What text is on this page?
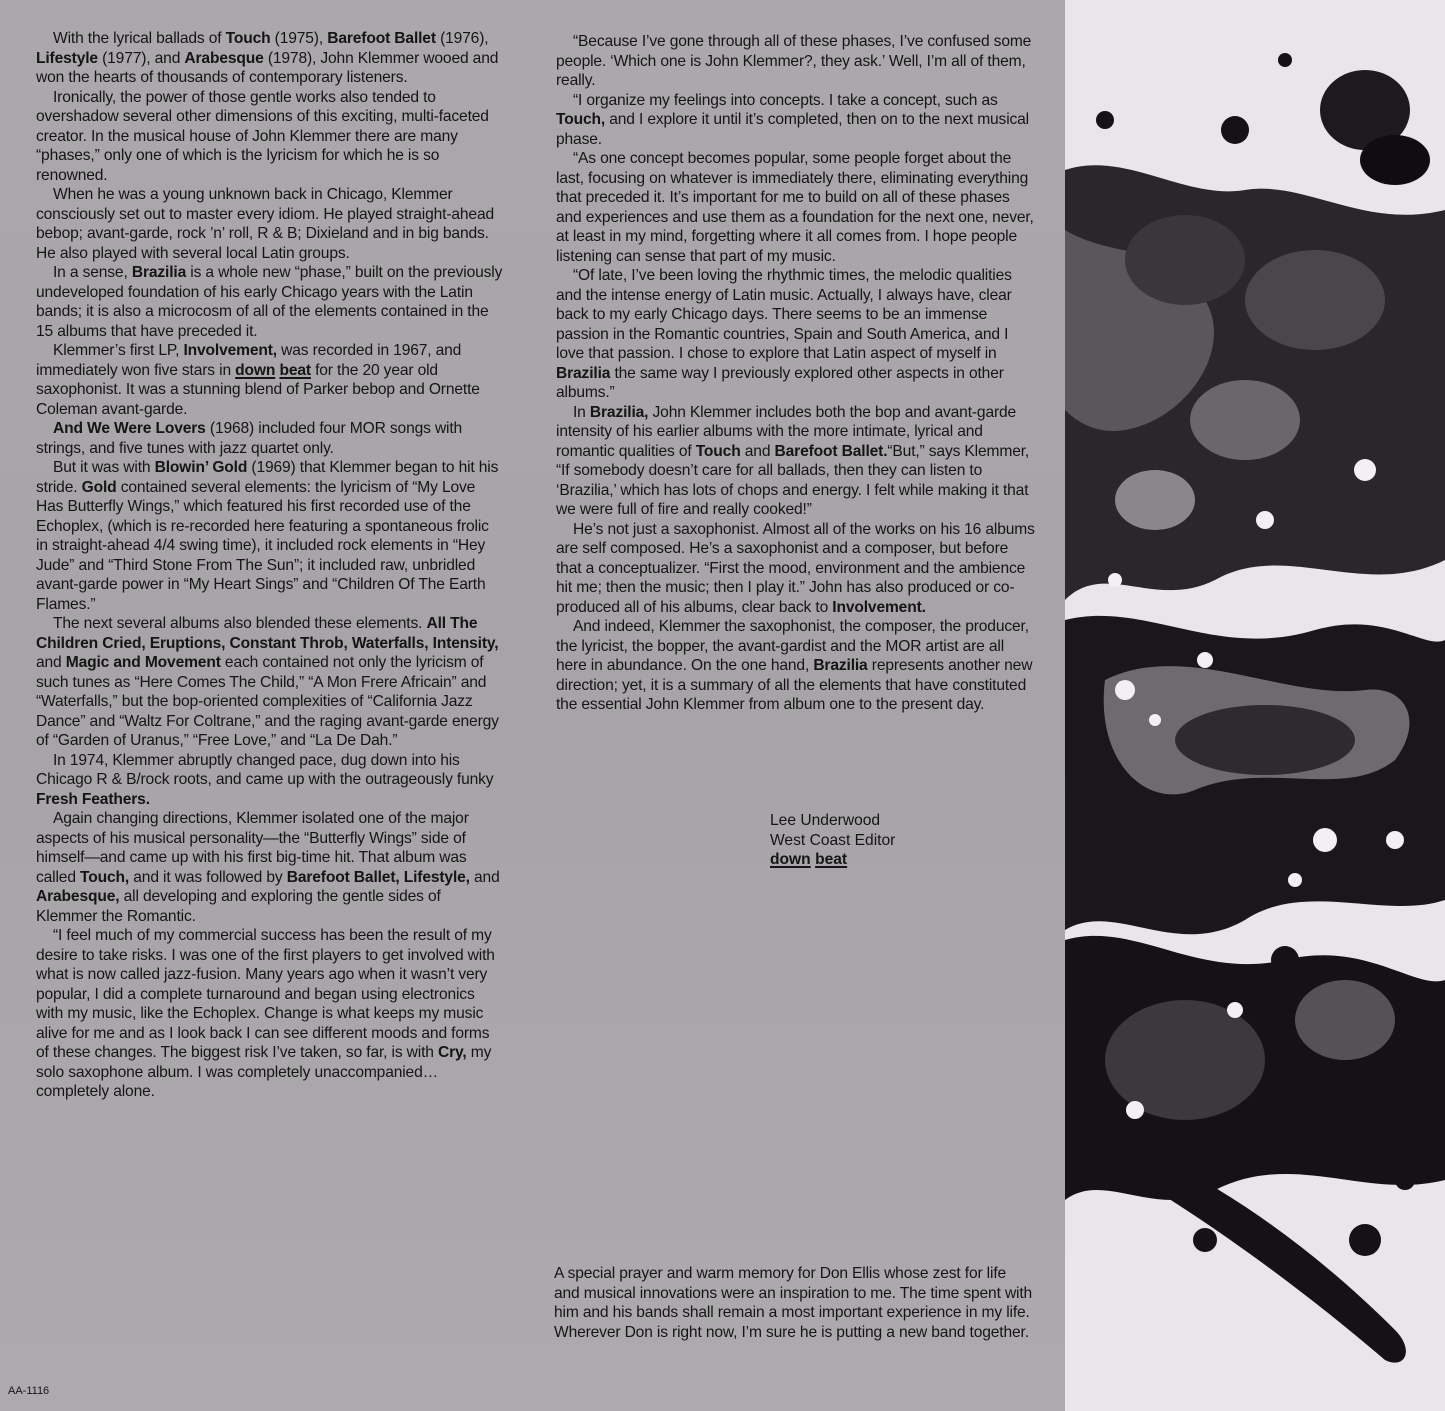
With the lyrical ballads of Touch (1975), Barefoot Ballet (1976), Lifestyle (1977), and Arabesque (1978), John Klemmer wooed and won the hearts of thousands of contemporary listeners.

Ironically, the power of those gentle works also tended to overshadow several other dimensions of this exciting, multi-faceted creator. In the musical house of John Klemmer there are many “phases,” only one of which is the lyricism for which he is so renowned.

When he was a young unknown back in Chicago, Klemmer consciously set out to master every idiom. He played straight-ahead bebop; avant-garde, rock ’n’ roll, R & B; Dixieland and in big bands. He also played with several local Latin groups.

In a sense, Brazilia is a whole new “phase,” built on the previously undeveloped foundation of his early Chicago years with the Latin bands; it is also a microcosm of all of the elements contained in the 15 albums that have preceded it.

Klemmer’s first LP, Involvement, was recorded in 1967, and immediately won five stars in down beat for the 20 year old saxophonist. It was a stunning blend of Parker bebop and Ornette Coleman avant-garde.

And We Were Lovers (1968) included four MOR songs with strings, and five tunes with jazz quartet only.

But it was with Blowin’ Gold (1969) that Klemmer began to hit his stride. Gold contained several elements: the lyricism of “My Love Has Butterfly Wings,” which featured his first recorded use of the Echoplex, (which is re-recorded here featuring a spontaneous frolic in straight-ahead 4/4 swing time), it included rock elements in “Hey Jude” and “Third Stone From The Sun”; it included raw, unbridled avant-garde power in “My Heart Sings” and “Children Of The Earth Flames.”

The next several albums also blended these elements. All The Children Cried, Eruptions, Constant Throb, Waterfalls, Intensity, and Magic and Movement each contained not only the lyricism of such tunes as “Here Comes The Child,” “A Mon Frere Africain” and “Waterfalls,” but the bop-oriented complexities of “California Jazz Dance” and “Waltz For Coltrane,” and the raging avant-garde energy of “Garden of Uranus,” “Free Love,” and “La De Dah.”

In 1974, Klemmer abruptly changed pace, dug down into his Chicago R & B/rock roots, and came up with the outrageously funky Fresh Feathers.

Again changing directions, Klemmer isolated one of the major aspects of his musical personality—the “Butterfly Wings” side of himself—and came up with his first big-time hit. That album was called Touch, and it was followed by Barefoot Ballet, Lifestyle, and Arabesque, all developing and exploring the gentle sides of Klemmer the Romantic.

“I feel much of my commercial success has been the result of my desire to take risks. I was one of the first players to get involved with what is now called jazz-fusion. Many years ago when it wasn’t very popular, I did a complete turnaround and began using electronics with my music, like the Echoplex. Change is what keeps my music alive for me and as I look back I can see different moods and forms of these changes. The biggest risk I’ve taken, so far, is with Cry, my solo saxophone album. I was completely unaccompanied… completely alone.

“Because I’ve gone through all of these phases, I’ve confused some people. ‘Which one is John Klemmer?, they ask.’ Well, I’m all of them, really.

“I organize my feelings into concepts. I take a concept, such as Touch, and I explore it until it’s completed, then on to the next musical phase.

“As one concept becomes popular, some people forget about the last, focusing on whatever is immediately there, eliminating everything that preceded it. It’s important for me to build on all of these phases and experiences and use them as a foundation for the next one, never, at least in my mind, forgetting where it all comes from. I hope people listening can sense that part of my music.

“Of late, I’ve been loving the rhythmic times, the melodic qualities and the intense energy of Latin music. Actually, I always have, clear back to my early Chicago days. There seems to be an immense passion in the Romantic countries, Spain and South America, and I love that passion. I chose to explore that Latin aspect of myself in Brazilia the same way I previously explored other aspects in other albums.”

In Brazilia, John Klemmer includes both the bop and avant-garde intensity of his earlier albums with the more intimate, lyrical and romantic qualities of Touch and Barefoot Ballet.“But,” says Klemmer, “If somebody doesn’t care for all ballads, then they can listen to ‘Brazilia,’ which has lots of chops and energy. I felt while making it that we were full of fire and really cooked!”

He’s not just a saxophonist. Almost all of the works on his 16 albums are self composed. He’s a saxophonist and a composer, but before that a conceptualizer. “First the mood, environment and the ambience hit me; then the music; then I play it.” John has also produced or co-produced all of his albums, clear back to Involvement.

And indeed, Klemmer the saxophonist, the composer, the producer, the lyricist, the bopper, the avant-gardist and the MOR artist are all here in abundance. On the one hand, Brazilia represents another new direction; yet, it is a summary of all the elements that have constituted the essential John Klemmer from album one to the present day.

Lee Underwood
West Coast Editor
down beat
A special prayer and warm memory for Don Ellis whose zest for life and musical innovations were an inspiration to me. The time spent with him and his bands shall remain a most important experience in my life. Wherever Don is right now, I’m sure he is putting a new band together.
AA-1116
